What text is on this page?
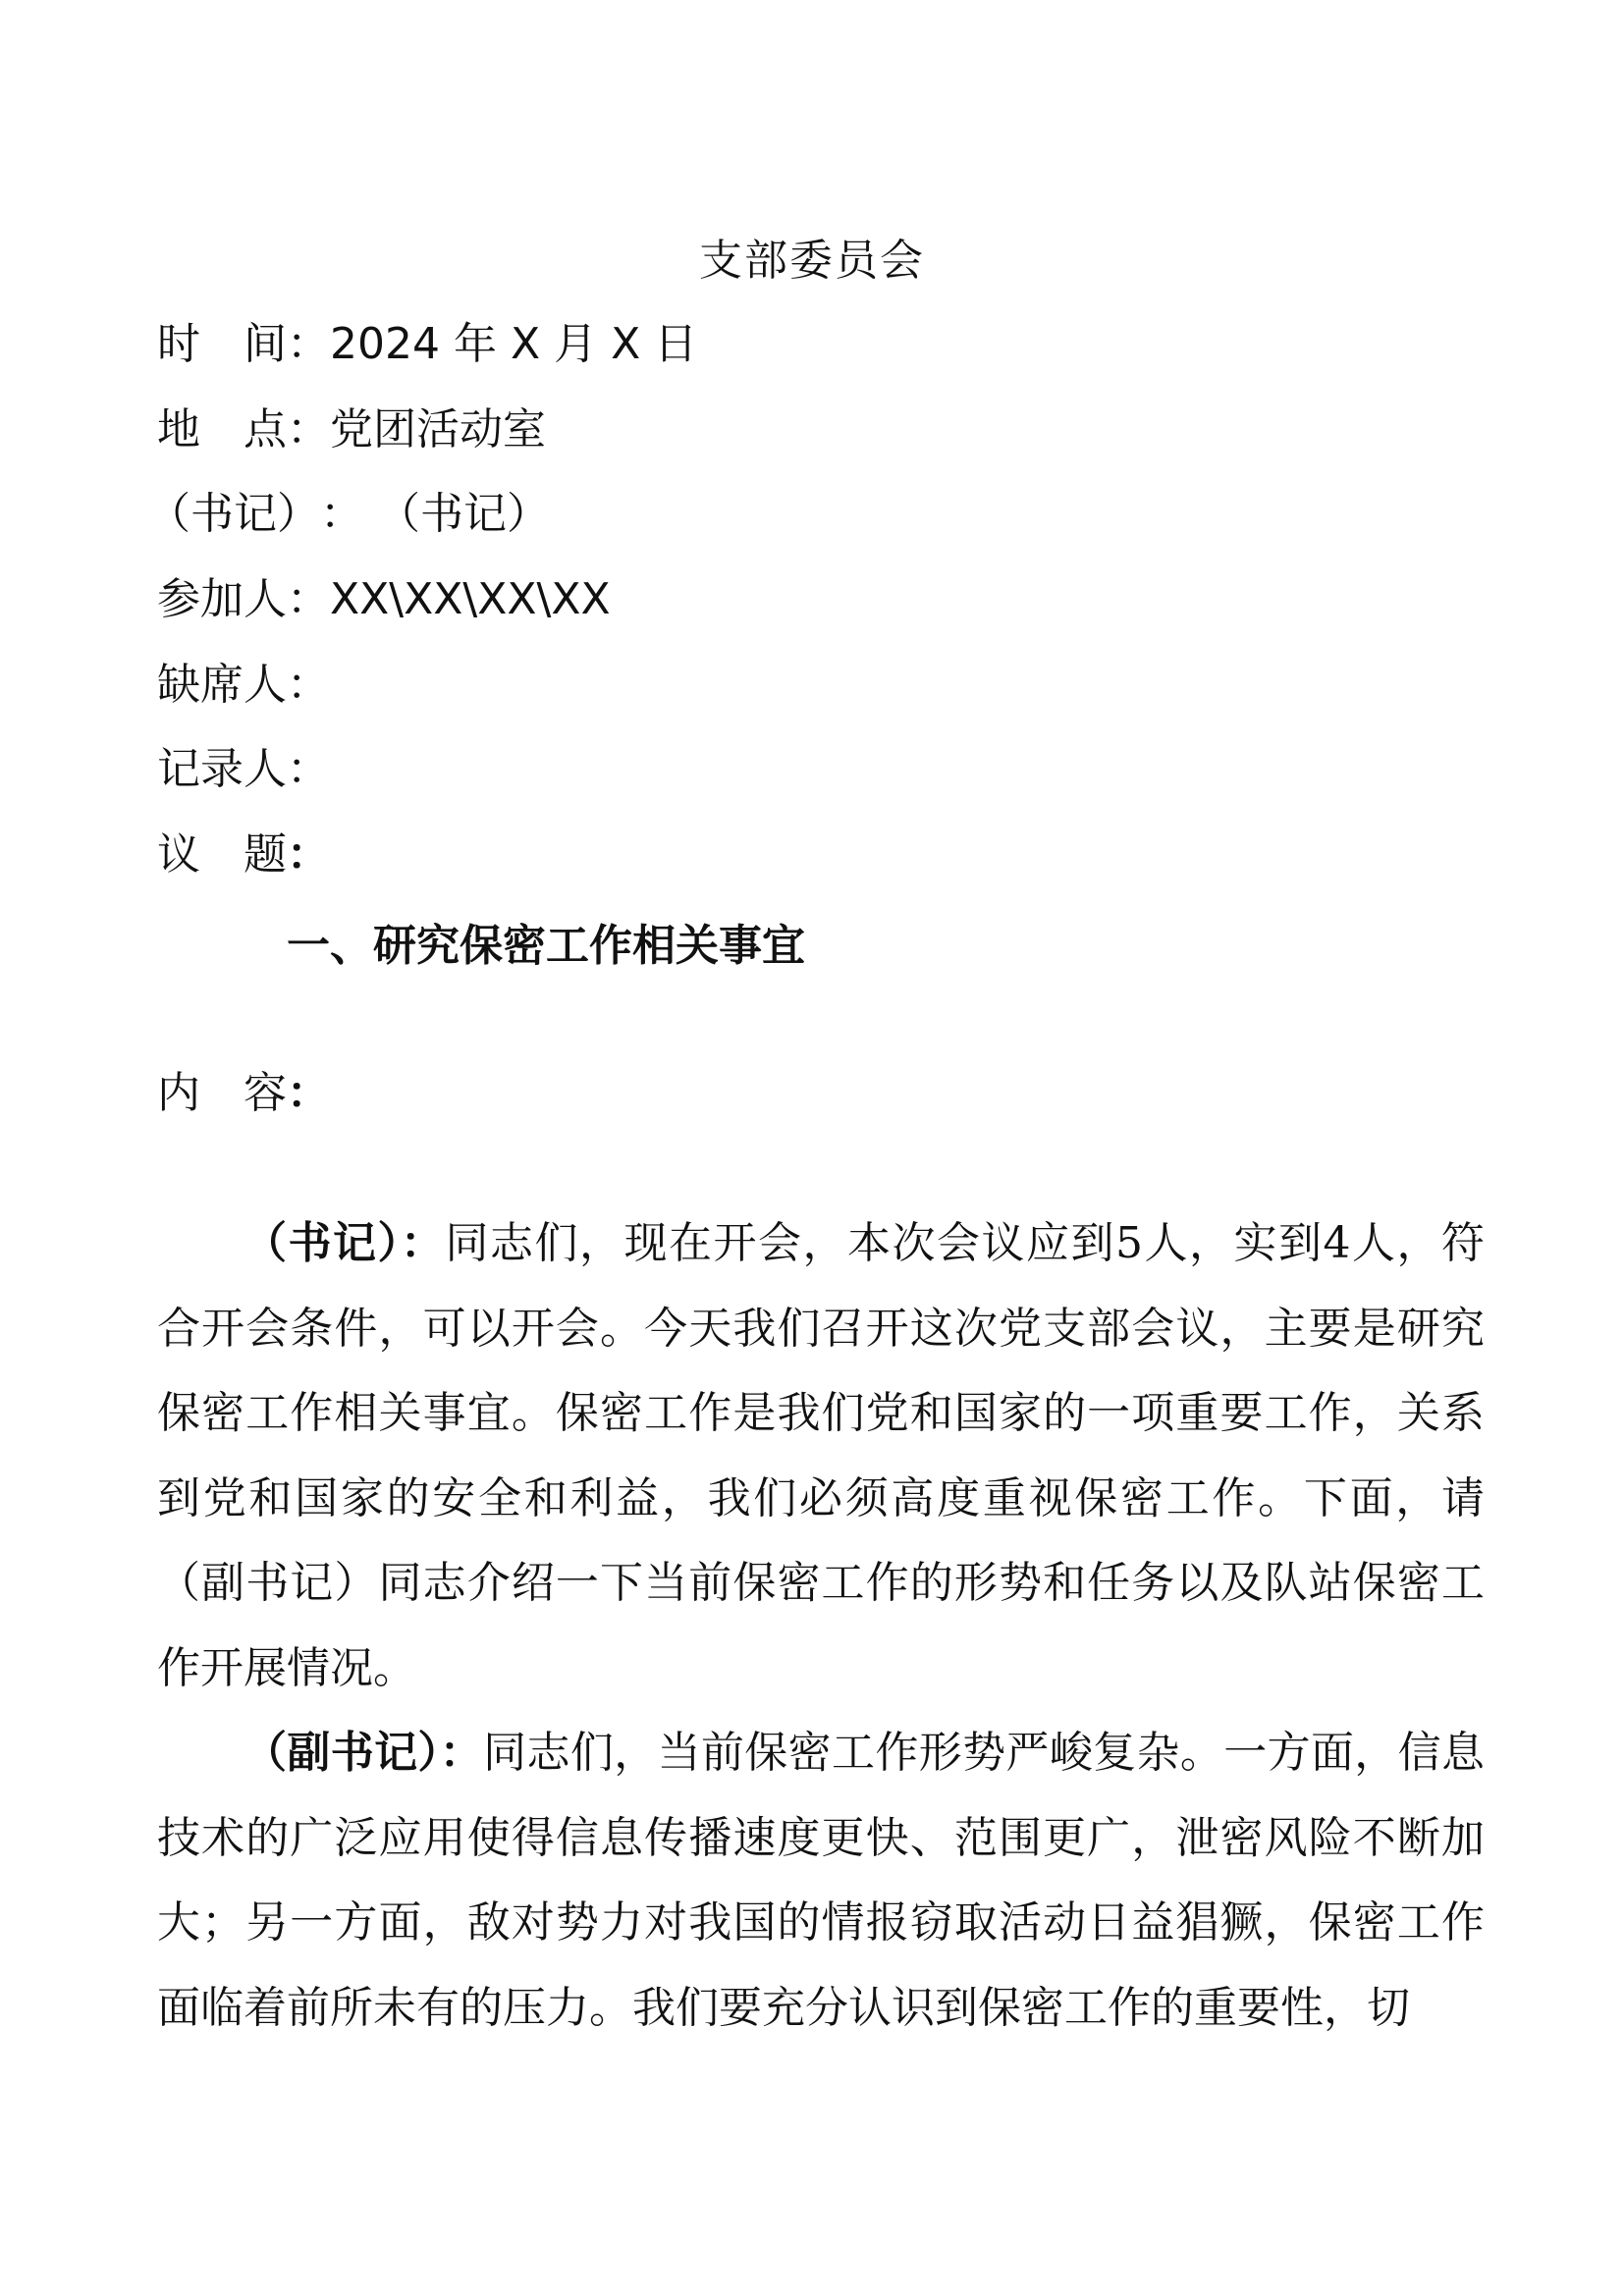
支部委员会
时间：2024 年 X 月 X 日
地点：党团活动室
（书记）： （书记）
参加人：XX\XX\XX\XX
缺席人：
记录人：
议题：
一、研究保密工作相关事宜
内容：

（书记）：同志们，现在开会，本次会议应到5人，实到4人，符合开会条件，可以开会。今天我们召开这次党支部会议，主要是研究保密工作相关事宜。保密工作是我们党和国家的一项重要工作，关系到党和国家的安全和利益，我们必须高度重视保密工作。下面，请（副书记）同志介绍一下当前保密工作的形势和任务以及队站保密工作开展情况。

（副书记）：同志们，当前保密工作形势严峻复杂。一方面，信息技术的广泛应用使得信息传播速度更快、范围更广，泄密风险不断加大；另一方面，敌对势力对我国的情报窃取活动日益猖獗，保密工作面临着前所未有的压力。我们要充分认识到保密工作的重要性，切
